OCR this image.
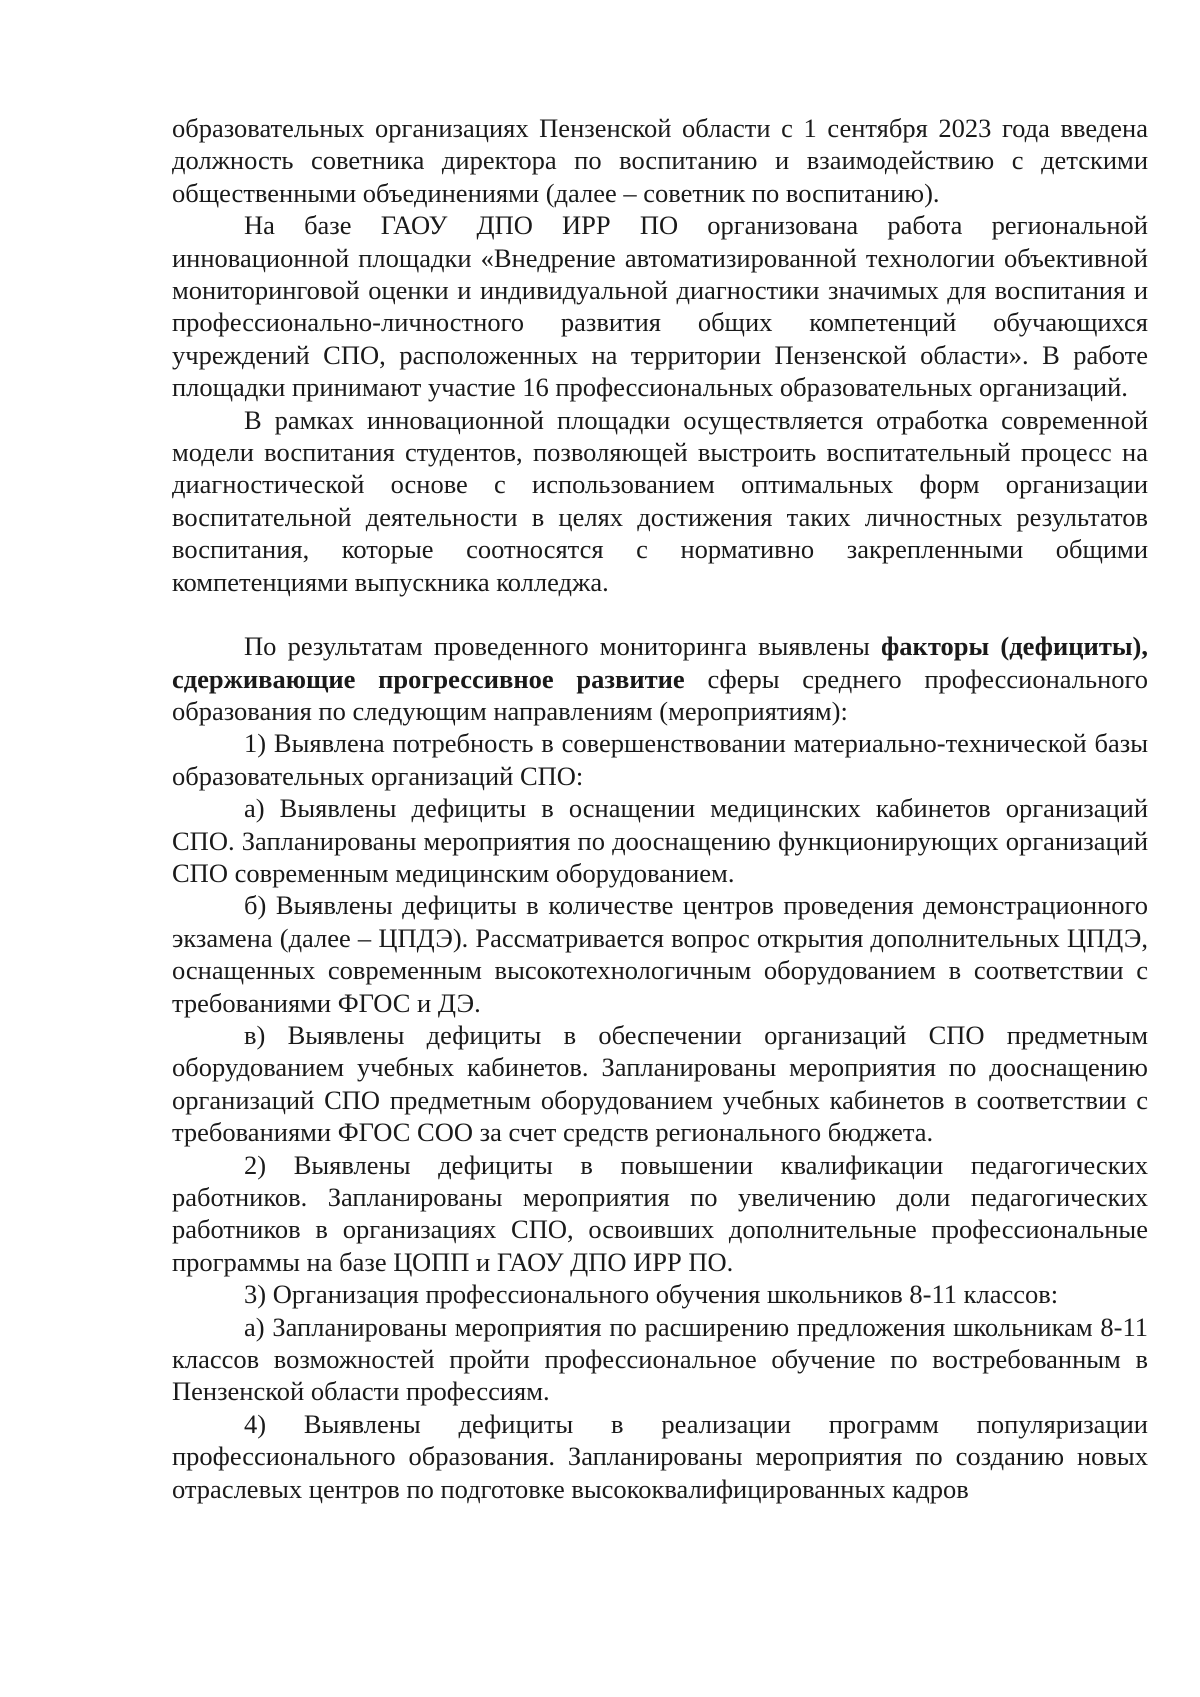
образовательных организациях Пензенской области с 1 сентября 2023 года введена должность советника директора по воспитанию и взаимодействию с детскими общественными объединениями (далее – советник по воспитанию).

На базе ГАОУ ДПО ИРР ПО организована работа региональной инновационной площадки «Внедрение автоматизированной технологии объективной мониторинговой оценки и индивидуальной диагностики значимых для воспитания и профессионально-личностного развития общих компетенций обучающихся учреждений СПО, расположенных на территории Пензенской области». В работе площадки принимают участие 16 профессиональных образовательных организаций.

В рамках инновационной площадки осуществляется отработка современной модели воспитания студентов, позволяющей выстроить воспитательный процесс на диагностической основе с использованием оптимальных форм организации воспитательной деятельности в целях достижения таких личностных результатов воспитания, которые соотносятся с нормативно закрепленными общими компетенциями выпускника колледжа.

По результатам проведенного мониторинга выявлены факторы (дефициты), сдерживающие прогрессивное развитие сферы среднего профессионального образования по следующим направлениям (мероприятиям):

1) Выявлена потребность в совершенствовании материально-технической базы образовательных организаций СПО:

а) Выявлены дефициты в оснащении медицинских кабинетов организаций СПО. Запланированы мероприятия по дооснащению функционирующих организаций СПО современным медицинским оборудованием.

б) Выявлены дефициты в количестве центров проведения демонстрационного экзамена (далее – ЦПДЭ). Рассматривается вопрос открытия дополнительных ЦПДЭ, оснащенных современным высокотехнологичным оборудованием в соответствии с требованиями ФГОС и ДЭ.

в) Выявлены дефициты в обеспечении организаций СПО предметным оборудованием учебных кабинетов. Запланированы мероприятия по дооснащению организаций СПО предметным оборудованием учебных кабинетов в соответствии с требованиями ФГОС СОО за счет средств регионального бюджета.

2) Выявлены дефициты в повышении квалификации педагогических работников. Запланированы мероприятия по увеличению доли педагогических работников в организациях СПО, освоивших дополнительные профессиональные программы на базе ЦОПП и ГАОУ ДПО ИРР ПО.

3) Организация профессионального обучения школьников 8-11 классов:

а) Запланированы мероприятия по расширению предложения школьникам 8-11 классов возможностей пройти профессиональное обучение по востребованным в Пензенской области профессиям.

4) Выявлены дефициты в реализации программ популяризации профессионального образования. Запланированы мероприятия по созданию новых отраслевых центров по подготовке высококвалифицированных кадров
